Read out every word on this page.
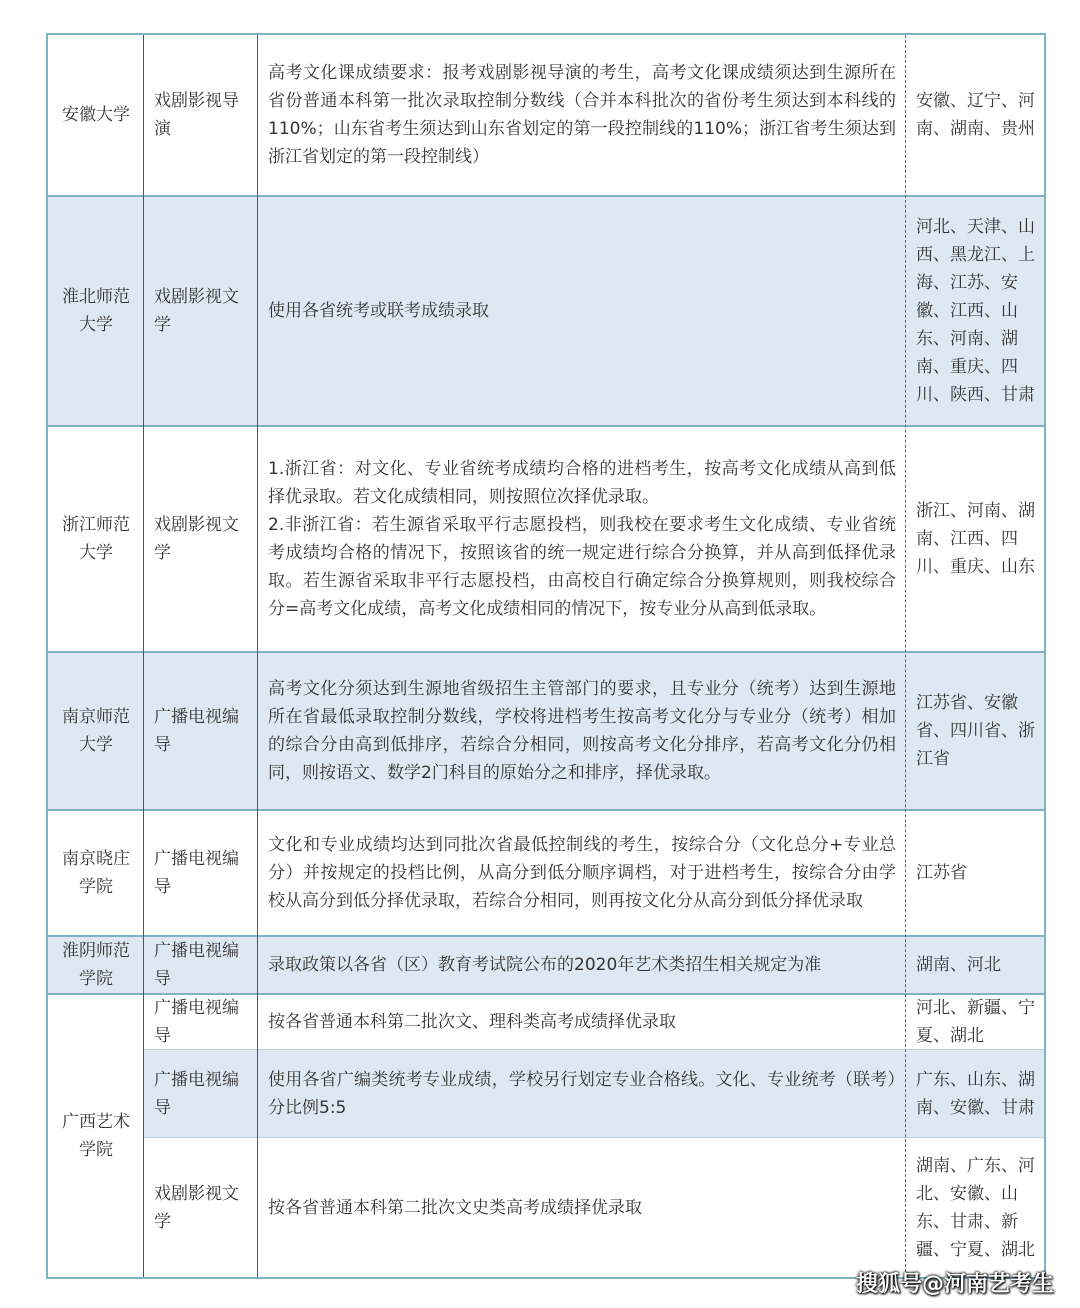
安徽大学
戏剧影视导演
高考文化课成绩要求：报考戏剧影视导演的考生，高考文化课成绩须达到生源所在省份普通本科第一批次录取控制分数线（合并本科批次的省份考生须达到本科线的110%；山东省考生须达到山东省划定的第一段控制线的110%；浙江省考生须达到浙江省划定的第一段控制线）
安徽、辽宁、河南、湖南、贵州
淮北师范大学
戏剧影视文学
使用各省统考或联考成绩录取
河北、天津、山西、黑龙江、上海、江苏、安徽、江西、山东、河南、湖南、重庆、四川、陕西、甘肃
浙江师范大学
戏剧影视文学
1.浙江省：对文化、专业省统考成绩均合格的进档考生，按高考文化成绩从高到低择优录取。若文化成绩相同，则按照位次择优录取。
2.非浙江省：若生源省采取平行志愿投档，则我校在要求考生文化成绩、专业省统考成绩均合格的情况下，按照该省的统一规定进行综合分换算，并从高到低择优录取。若生源省采取非平行志愿投档，由高校自行确定综合分换算规则，则我校综合分=高考文化成绩，高考文化成绩相同的情况下，按专业分从高到低录取。
浙江、河南、湖南、江西、四川、重庆、山东
南京师范大学
广播电视编导
高考文化分须达到生源地省级招生主管部门的要求，且专业分（统考）达到生源地所在省最低录取控制分数线，学校将进档考生按高考文化分与专业分（统考）相加的综合分由高到低排序，若综合分相同，则按高考文化分排序，若高考文化分仍相同，则按语文、数学2门科目的原始分之和排序，择优录取。
江苏省、安徽省、四川省、浙江省
南京晓庄学院
广播电视编导
文化和专业成绩均达到同批次省最低控制线的考生，按综合分（文化总分+专业总分）并按规定的投档比例，从高分到低分顺序调档，对于进档考生，按综合分由学校从高分到低分择优录取，若综合分相同，则再按文化分从高分到低分择优录取
江苏省
淮阴师范学院
广播电视编导
录取政策以各省（区）教育考试院公布的2020年艺术类招生相关规定为准	湖南、河北
广播电视编导
按各省普通本科第二批次文、理科类高考成绩择优录取
河北、新疆、宁夏、湖北
广播电视编导
使用各省广编类统考专业成绩，学校另行划定专业合格线。文化、专业统考（联考）分比例5:5
广东、山东、湖南、安徽、甘肃
戏剧影视文学
按各省普通本科第二批次文史类高考成绩择优录取
湖南、广东、河北、安徽、山东、甘肃、新疆、宁夏、湖北
广西艺术学院
搜狐号@河南艺考生
